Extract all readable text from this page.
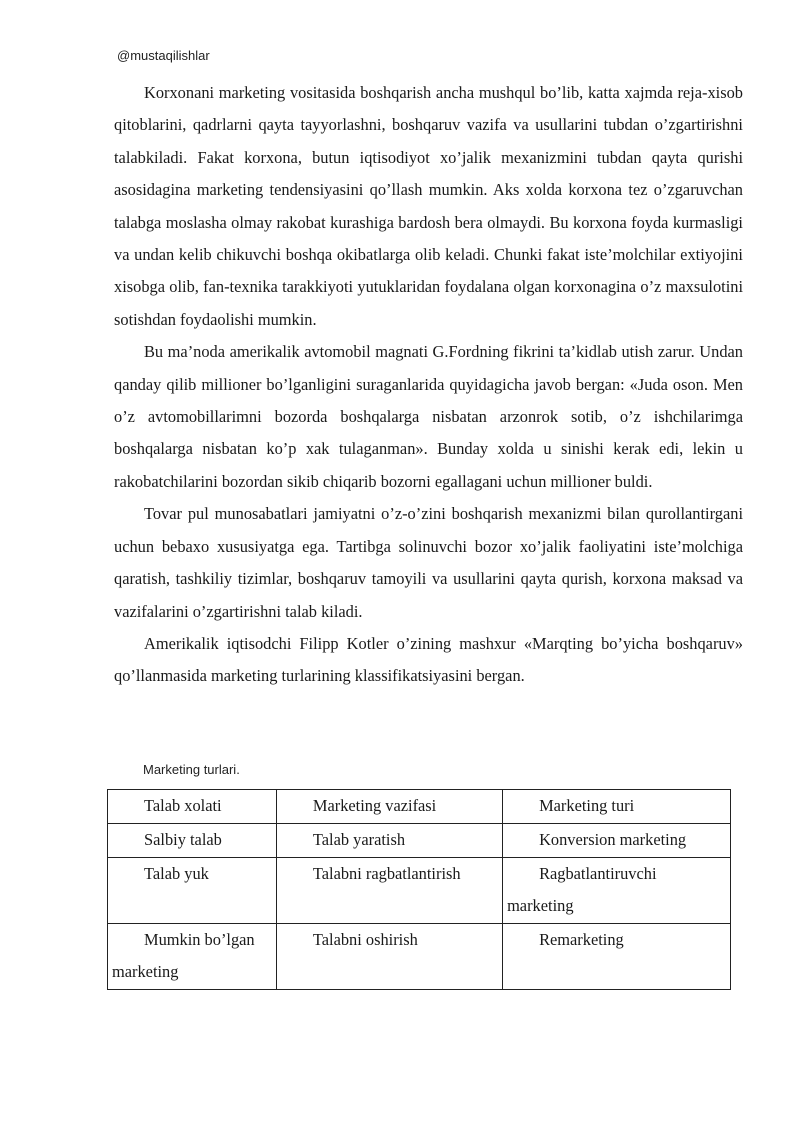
@mustaqilishlar

Korxonani marketing vositasida boshqarish ancha mushqul bo’lib, katta xajmda reja-xisob qitoblarini, qadrlarni qayta tayyorlashni, boshqaruv vazifa va usullarini tubdan o’zgartirishni talabkiladi. Fakat korxona, butun iqtisodiyot xo’jalik mexanizmini tubdan qayta qurishi asosidagina marketing tendensiyasini qo’llash mumkin. Aks xolda korxona tez o’zgaruvchan talabga moslasha olmay rakobat kurashiga bardosh bera olmaydi. Bu korxona foyda kurmasligi va undan kelib chikuvchi boshqa okibatlarga olib keladi. Chunki fakat iste’molchilar extiyojini xisobga olib, fan-texnika tarakkiyoti yutuklaridan foydalana olgan korxonagina o’z maxsulotini sotishdan foydaolishi mumkin.

Bu ma’noda amerikalik avtomobil magnati G.Fordning fikrini ta’kidlab utish zarur. Undan qanday qilib millioner bo’lganligini suraganlarida quyidagicha javob bergan: «Juda oson. Men o’z avtomobillarimni bozorda boshqalarga nisbatan arzonrok sotib, o’z ishchilarimga boshqalarga nisbatan ko’p xak tulaganman». Bunday xolda u sinishi kerak edi, lekin u rakobatchilarini bozordan sikib chiqarib bozorni egallagani uchun millioner buldi.

Tovar pul munosabatlari jamiyatni o’z-o’zini boshqarish mexanizmi bilan qurollantirgani uchun bebaxo xususiyatga ega. Tartibga solinuvchi bozor xo’jalik faoliyatini iste’molchiga qaratish, tashkiliy tizimlar, boshqaruv tamoyili va usullarini qayta qurish, korxona maksad va vazifalarini o’zgartirishni talab kiladi.

Amerikalik iqtisodchi Filipp Kotler o’zining mashxur «Marqting bo’yicha boshqaruv» qo’llanmasida marketing turlarining klassifikatsiyasini bergan.

Marketing turlari.
Talab xolati	Marketing vazifasi	Marketing turi
Salbiy talab	Talab yaratish	Konversion marketing
Talab yuk	Talabni ragbatlantirish	Ragbatlantiruvchi marketing
Mumkin bo’lgan marketing	Talabni oshirish	Remarketing
